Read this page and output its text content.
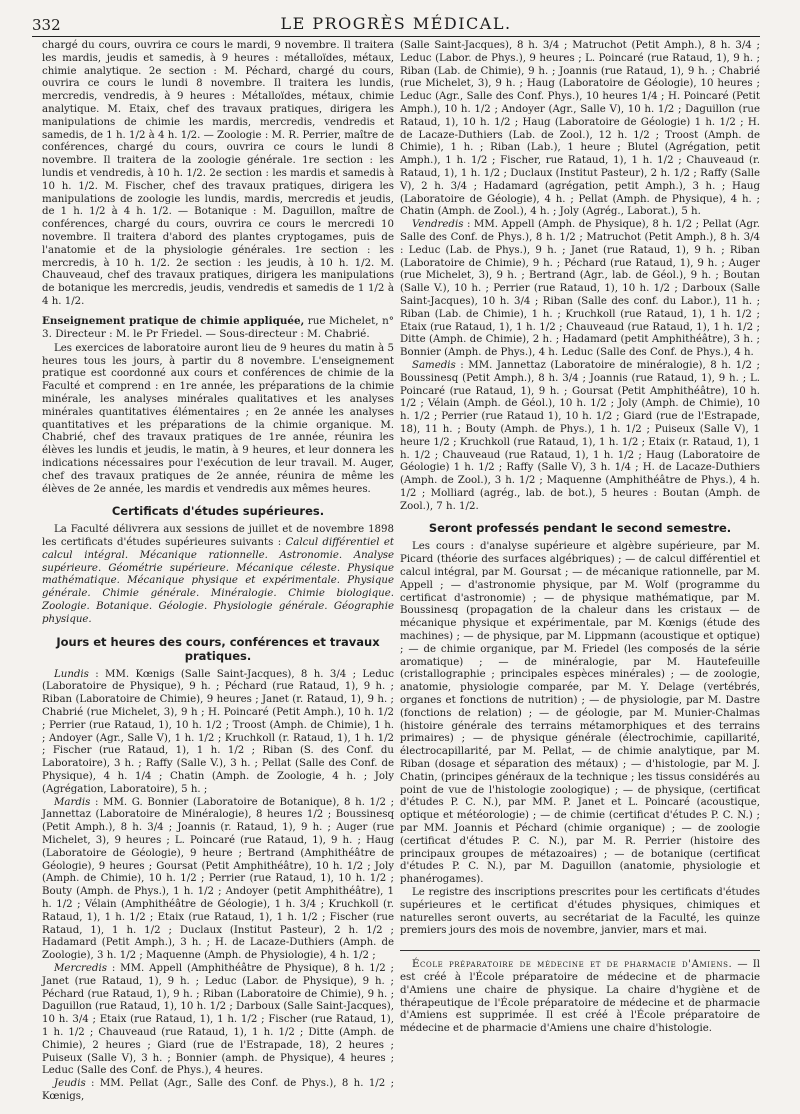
332	LE PROGRÈS MÉDICAL.

chargé du cours, ouvrira ce cours le mardi, 9 novembre. Il traitera les mardis, jeudis et samedis, à 9 heures : métalloïdes, métaux, chimie analytique. 2e section : M. Péchard, chargé du cours, ouvrira ce cours le lundi 8 novembre. Il traitera les lundis, mercredis, vendredis, à 9 heures : Métalloïdes, métaux, chimie analytique. M. Etaix, chef des travaux pratiques, dirigera les manipulations de chimie les mardis, mercredis, vendredis et samedis, de 1 h. 1/2 à 4 h. 1/2. — Zoologie : M. R. Perrier, maître de conférences, chargé du cours, ouvrira ce cours le lundi 8 novembre. Il traitera de la zoologie générale. 1re section : les lundis et vendredis, à 10 h. 1/2. 2e section : les mardis et samedis à 10 h. 1/2. M. Fischer, chef des travaux pratiques, dirigera les manipulations de zoologie les lundis, mardis, mercredis et jeudis, de 1 h. 1/2 à 4 h. 1/2. — Botanique : M. Daguillon, maître de conférences, chargé du cours, ouvrira ce cours le mercredi 10 novembre. Il traitera d'abord des plantes cryptogames, puis de l'anatomie et de la physiologie générales. 1re section : les mercredis, à 10 h. 1/2. 2e section : les jeudis, à 10 h. 1/2. M. Chauveaud, chef des travaux pratiques, dirigera les manipulations de botanique les mercredis, jeudis, vendredis et samedis de 1 1/2 à 4 h. 1/2.

Enseignement pratique de chimie appliquée, rue Michelet, n° 3. Directeur : M. le Pr Friedel. — Sous-directeur : M. Chabrié.

Les exercices de laboratoire auront lieu de 9 heures du matin à 5 heures tous les jours, à partir du 8 novembre. L'enseignement pratique est coordonné aux cours et conférences de chimie de la Faculté et comprend : en 1re année, les préparations de la chimie minérale, les analyses minérales qualitatives et les analyses minérales quantitatives élémentaires ; en 2e année les analyses quantitatives et les préparations de la chimie organique. M. Chabrié, chef des travaux pratiques de 1re année, réunira les élèves les lundis et jeudis, le matin, à 9 heures, et leur donnera les indications nécessaires pour l'exécution de leur travail. M. Auger, chef des travaux pratiques de 2e année, réunira de même les élèves de 2e année, les mardis et vendredis aux mêmes heures.

Certificats d'études supérieures.

La Faculté délivrera aux sessions de juillet et de novembre 1898 les certificats d'études supérieures suivants : Calcul différentiel et calcul intégral. Mécanique rationnelle. Astronomie. Analyse supérieure. Géométrie supérieure. Mécanique céleste. Physique mathématique. Mécanique physique et expérimentale. Physique générale. Chimie générale. Minéralogie. Chimie biologique. Zoologie. Botanique. Géologie. Physiologie générale. Géographie physique.

Jours et heures des cours, conférences et travaux pratiques.

Lundis : MM. Kœnigs (Salle Saint-Jacques), 8 h. 3/4 ; Leduc (Laboratoire de Physique), 9 h. ; Péchard (rue Rataud, 1), 9 h. ; Riban (Laboratoire de Chimie), 9 heures ; Janet (r. Rataud, 1), 9 h. ; Chabrié (rue Michelet, 3), 9 h ; H. Poincaré (Petit Amph.), 10 h. 1/2 ; Perrier (rue Rataud, 1), 10 h. 1/2 ; Troost (Amph. de Chimie), 1 h. ; Andoyer (Agr., Salle V), 1 h. 1/2 ; Kruchkoll (r. Rataud, 1), 1 h. 1/2 ; Fischer (rue Rataud, 1), 1 h. 1/2 ; Riban (S. des Conf. du Laboratoire), 3 h. ; Raffy (Salle V.), 3 h. ; Pellat (Salle des Conf. de Physique), 4 h. 1/4 ; Chatin (Amph. de Zoologie, 4 h. ; Joly (Agrégation, Laboratoire), 5 h. ;

Mardis : MM. G. Bonnier (Laboratoire de Botanique), 8 h. 1/2 ; Jannettaz (Laboratoire de Minéralogie), 8 heures 1/2 ; Boussinesq (Petit Amph.), 8 h. 3/4 ; Joannis (r. Rataud, 1), 9 h. ; Auger (rue Michelet, 3), 9 heures ; L. Poincaré (rue Rataud, 1), 9 h. ; Haug (Laboratoire de Géologie), 9 heure ; Bertrand (Amphithéâtre de Géologie), 9 heures ; Goursat (Petit Amphithéâtre), 10 h. 1/2 ; Joly (Amph. de Chimie), 10 h. 1/2 ; Perrier (rue Rataud, 1), 10 h. 1/2 ; Bouty (Amph. de Phys.), 1 h. 1/2 ; Andoyer (petit Amphithéâtre), 1 h. 1/2 ; Vélain (Amphithéâtre de Géologie), 1 h. 3/4 ; Kruchkoll (r. Rataud, 1), 1 h. 1/2 ; Etaix (rue Rataud, 1), 1 h. 1/2 ; Fischer (rue Rataud, 1), 1 h. 1/2 ; Duclaux (Institut Pasteur), 2 h. 1/2 ; Hadamard (Petit Amph.), 3 h. ; H. de Lacaze-Duthiers (Amph. de Zoologie), 3 h. 1/2 ; Maquenne (Amph. de Physiologie), 4 h. 1/2 ;

Mercredis : MM. Appell (Amphithéâtre de Physique), 8 h. 1/2 ; Janet (rue Rataud, 1), 9 h. ; Leduc (Labor. de Physique), 9 h. ; Péchard (rue Rataud, 1), 9 h. ; Riban (Laboratoire de Chimie), 9 h. ; Daguillon (rue Rataud, 1), 10 h. 1/2 ; Darboux (Salle Saint-Jacques), 10 h. 3/4 ; Etaix (rue Rataud, 1), 1 h. 1/2 ; Fischer (rue Rataud, 1), 1 h. 1/2 ; Chauveaud (rue Rataud, 1), 1 h. 1/2 ; Ditte (Amph. de Chimie), 2 heures ; Giard (rue de l'Estrapade, 18), 2 heures ; Puiseux (Salle V), 3 h. ; Bonnier (amph. de Physique), 4 heures ; Leduc (Salle des Conf. de Phys.), 4 heures.

Jeudis : MM. Pellat (Agr., Salle des Conf. de Phys.), 8 h. 1/2 ; Kœnigs,

(Salle Saint-Jacques), 8 h. 3/4 ; Matruchot (Petit Amph.), 8 h. 3/4 ; Leduc (Labor. de Phys.), 9 heures ; L. Poincaré (rue Rataud, 1), 9 h. ; Riban (Lab. de Chimie), 9 h. ; Joannis (rue Rataud, 1), 9 h. ; Chabrié (rue Michelet, 3), 9 h. ; Haug (Laboratoire de Géologie), 10 heures ; Leduc (Agr., Salle des Conf. Phys.), 10 heures 1/4 ; H. Poincaré (Petit Amph.), 10 h. 1/2 ; Andoyer (Agr., Salle V), 10 h. 1/2 ; Daguillon (rue Rataud, 1), 10 h. 1/2 ; Haug (Laboratoire de Géologie) 1 h. 1/2 ; H. de Lacaze-Duthiers (Lab. de Zool.), 12 h. 1/2 ; Troost (Amph. de Chimie), 1 h. ; Riban (Lab.), 1 heure ; Blutel (Agrégation, petit Amph.), 1 h. 1/2 ; Fischer, rue Rataud, 1), 1 h. 1/2 ; Chauveaud (r. Rataud, 1), 1 h. 1/2 ; Duclaux (Institut Pasteur), 2 h. 1/2 ; Raffy (Salle V), 2 h. 3/4 ; Hadamard (agrégation, petit Amph.), 3 h. ; Haug (Laboratoire de Géologie), 4 h. ; Pellat (Amph. de Physique), 4 h. ; Chatin (Amph. de Zool.), 4 h. ; Joly (Agrég., Laborat.), 5 h.

Vendredis : MM. Appell (Amph. de Physique), 8 h. 1/2 ; Pellat (Agr. Salle des Conf. de Phys.), 8 h. 1/2 ; Matruchot (Petit Amph.), 8 h. 3/4 : Leduc (Lab. de Phys.), 9 h. ; Janet (rue Rataud, 1), 9 h. ; Riban (Laboratoire de Chimie), 9 h. ; Péchard (rue Rataud, 1), 9 h. ; Auger (rue Michelet, 3), 9 h. ; Bertrand (Agr., lab. de Géol.), 9 h. ; Boutan (Salle V.), 10 h. ; Perrier (rue Rataud, 1), 10 h. 1/2 ; Darboux (Salle Saint-Jacques), 10 h. 3/4 ; Riban (Salle des conf. du Labor.), 11 h. ; Riban (Lab. de Chimie), 1 h. ; Kruchkoll (rue Rataud, 1), 1 h. 1/2 ; Etaix (rue Rataud, 1), 1 h. 1/2 ; Chauveaud (rue Rataud, 1), 1 h. 1/2 ; Ditte (Amph. de Chimie), 2 h. ; Hadamard (petit Amphithéâtre), 3 h. ; Bonnier (Amph. de Phys.), 4 h. Leduc (Salle des Conf. de Phys.), 4 h.

Samedis : MM. Jannettaz (Laboratoire de minéralogie), 8 h. 1/2 ; Boussinesq (Petit Amph.), 8 h. 3/4 ; Joannis (rue Rataud, 1), 9 h. ; L. Poincaré (rue Rataud, 1), 9 h. ; Goursat (Petit Amphithéâtre), 10 h. 1/2 ; Vélain (Amph. de Géol.), 10 h. 1/2 ; Joly (Amph. de Chimie), 10 h. 1/2 ; Perrier (rue Rataud 1), 10 h. 1/2 ; Giard (rue de l'Estrapade, 18), 11 h. ; Bouty (Amph. de Phys.), 1 h. 1/2 ; Puiseux (Salle V), 1 heure 1/2 ; Kruchkoll (rue Rataud, 1), 1 h. 1/2 ; Etaix (r. Rataud, 1), 1 h. 1/2 ; Chauveaud (rue Rataud, 1), 1 h. 1/2 ; Haug (Laboratoire de Géologie) 1 h. 1/2 ; Raffy (Salle V), 3 h. 1/4 ; H. de Lacaze-Duthiers (Amph. de Zool.), 3 h. 1/2 ; Maquenne (Amphithéâtre de Phys.), 4 h. 1/2 ; Molliard (agrég., lab. de bot.), 5 heures : Boutan (Amph. de Zool.), 7 h. 1/2.

Seront professés pendant le second semestre.

Les cours : d'analyse supérieure et algèbre supérieure, par M. Picard (théorie des surfaces algébriques) ; — de calcul différentiel et calcul intégral, par M. Goursat ; — de mécanique rationnelle, par M. Appell ; — d'astronomie physique, par M. Wolf (programme du certificat d'astronomie) ; — de physique mathématique, par M. Boussinesq (propagation de la chaleur dans les cristaux — de mécanique physique et expérimentale, par M. Kœnigs (étude des machines) ; — de physique, par M. Lippmann (acoustique et optique) ; — de chimie organique, par M. Friedel (les composés de la série aromatique) ; — de minéralogie, par M. Hautefeuille (cristallographie ; principales espèces minérales) ; — de zoologie, anatomie, physiologie comparée, par M. Y. Delage (vertébrés, organes et fonctions de nutrition) ; — de physiologie, par M. Dastre (fonctions de relation) ; — de géologie, par M. Munier-Chalmas (histoire générale des terrains métamorphiques et des terrains primaires) ; — de physique générale (électrochimie, capillarité, électrocapillarité, par M. Pellat, — de chimie analytique, par M. Riban (dosage et séparation des métaux) ; — d'histologie, par M. J. Chatin, (principes généraux de la technique ; les tissus considérés au point de vue de l'histologie zoologique) ; — de physique, (certificat d'études P. C. N.), par MM. P. Janet et L. Poincaré (acoustique, optique et météorologie) ; — de chimie (certificat d'études P. C. N.) ; par MM. Joannis et Péchard (chimie organique) ; — de zoologie (certificat d'études P. C. N.), par M. R. Perrier (histoire des principaux groupes de métazoaires) ; — de botanique (certificat d'études P. C. N.), par M. Daguillon (anatomie, physiologie et phanérogames).

Le registre des inscriptions prescrites pour les certificats d'études supérieures et le certificat d'études physiques, chimiques et naturelles seront ouverts, au secrétariat de la Faculté, les quinze premiers jours des mois de novembre, janvier, mars et mai.

École préparatoire de médecine et de pharmacie d'Amiens. — Il est créé à l'École préparatoire de médecine et de pharmacie d'Amiens une chaire de physique. La chaire d'hygiène et de thérapeutique de l'École préparatoire de médecine et de pharmacie d'Amiens est supprimée. Il est créé à l'École préparatoire de médecine et de pharmacie d'Amiens une chaire d'histologie.
